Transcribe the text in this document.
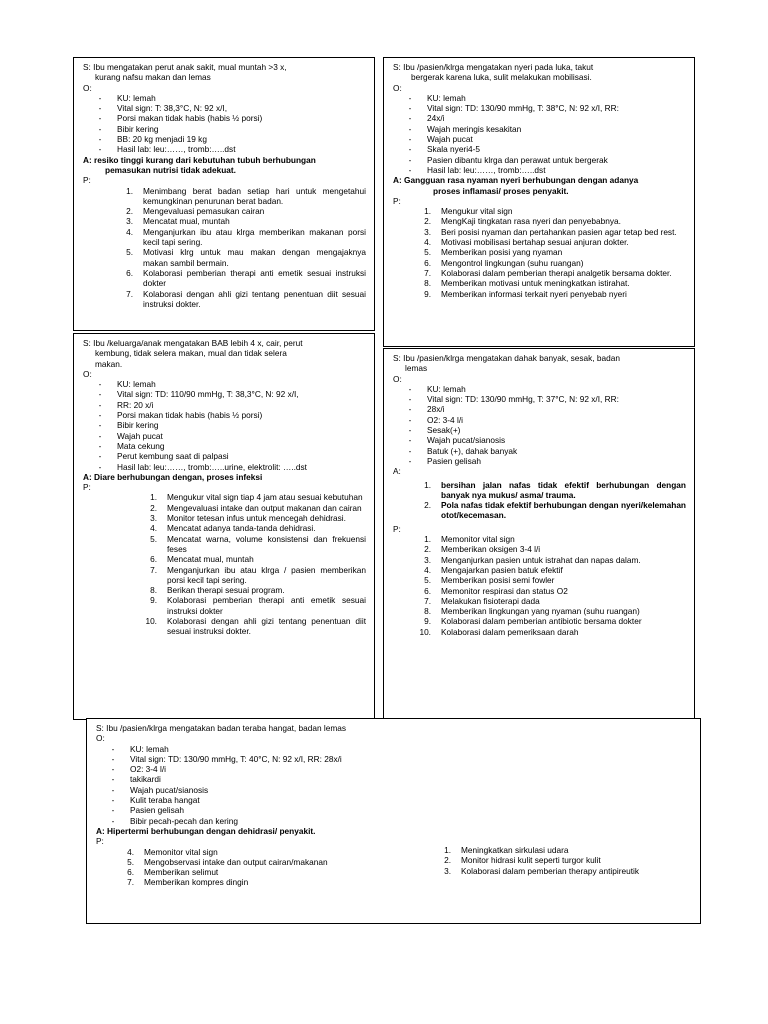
S: Ibu mengatakan perut anak sakit, mual muntah >3 x,
kurang nafsu makan dan lemas
O:
-	KU: lemah
-	Vital sign: T: 38,3°C, N: 92 x/I,
-	Porsi makan tidak habis (habis ½ porsi)
-	Bibir kering
-	BB: 20 kg menjadi 19 kg
-	Hasil lab: leu:……, tromb:…..dst
A: resiko tinggi kurang dari kebutuhan tubuh berhubungan
pemasukan nutrisi tidak adekuat.
P:
1.	Menimbang berat badan setiap hari untuk mengetahui kemungkinan penurunan berat badan.
2.	Mengevaluasi pemasukan cairan
3.	Mencatat mual, muntah
4.	Menganjurkan ibu atau klrga memberikan makanan porsi kecil tapi sering.
5.	Motivasi klrg untuk mau makan dengan mengajaknya makan sambil bermain.
6.	Kolaborasi pemberian therapi anti emetik sesuai instruksi dokter
7.	Kolaborasi dengan ahli gizi tentang penentuan diit sesuai instruksi dokter.
S: Ibu /pasien/klrga mengatakan nyeri pada luka, takut
bergerak karena luka, sulit melakukan mobilisasi.
O:
-	KU: lemah
-	Vital sign: TD: 130/90 mmHg, T: 38°C, N: 92 x/I, RR:
-	24x/i
-	Wajah meringis kesakitan
-	Wajah pucat
-	Skala nyeri4-5
-	Pasien dibantu klrga dan perawat untuk bergerak
-	Hasil lab: leu:……, tromb:…..dst
A: Gangguan rasa nyaman nyeri berhubungan dengan adanya
proses inflamasi/ proses penyakit.
P:
1.	Mengukur vital sign
2.	MengKaji tingkatan rasa nyeri dan penyebabnya.
3.	Beri posisi nyaman dan pertahankan pasien agar tetap bed rest.
4.	Motivasi mobilisasi bertahap sesuai anjuran dokter.
5.	Memberikan posisi yang nyaman
6.	Mengontrol lingkungan (suhu ruangan)
7.	Kolaborasi dalam pemberian therapi analgetik bersama dokter.
8.	Memberikan motivasi untuk meningkatkan istirahat.
9.	Memberikan informasi terkait nyeri penyebab nyeri
S: Ibu /keluarga/anak mengatakan BAB lebih 4 x, cair, perut
kembung, tidak selera makan, mual dan tidak selera
makan.
O:
-	KU: lemah
-	Vital sign: TD: 110/90 mmHg, T: 38,3°C, N: 92 x/I,
-	RR: 20 x/i
-	Porsi makan tidak habis (habis ½ porsi)
-	Bibir kering
-	Wajah pucat
-	Mata cekung
-	Perut kembung saat di palpasi
-	Hasil lab: leu:……, tromb:…..urine, elektrolit: …..dst
A: Diare berhubungan dengan, proses infeksi
P:
1.	Mengukur vital sign tiap 4 jam atau sesuai kebutuhan
2.	Mengevaluasi intake dan output makanan dan cairan
3.	Monitor tetesan infus untuk mencegah dehidrasi.
4.	Mencatat adanya tanda-tanda dehidrasi.
5.	Mencatat warna, volume konsistensi dan frekuensi feses
6.	Mencatat mual, muntah
7.	Menganjurkan ibu atau klrga / pasien memberikan porsi kecil tapi sering.
8.	Berikan therapi sesuai program.
9.	Kolaborasi pemberian therapi anti emetik sesuai instruksi dokter
10.	Kolaborasi dengan ahli gizi tentang penentuan diit sesuai instruksi dokter.
S: Ibu /pasien/klrga mengatakan dahak banyak, sesak, badan
lemas
O:
-	KU: lemah
-	Vital sign: TD: 130/90 mmHg, T: 37°C, N: 92 x/I, RR:
-	28x/i
-	O2: 3-4 l/i
-	Sesak(+)
-	Wajah pucat/sianosis
-	Batuk (+), dahak banyak
-	Pasien gelisah
A:
1.	bersihan jalan nafas tidak efektif berhubungan dengan banyak nya mukus/ asma/ trauma.
2.	Pola nafas tidak efektif berhubungan dengan nyeri/kelemahan otot/kecemasan.
P:
1.	Memonitor vital sign
2.	Memberikan oksigen 3-4 l/i
3.	Menganjurkan pasien untuk istrahat dan napas dalam.
4.	Mengajarkan pasien batuk efektif
5.	Memberikan posisi semi fowler
6.	Memonitor respirasi dan status O2
7.	Melakukan fisioterapi dada
8.	Memberikan lingkungan yang nyaman (suhu ruangan)
9.	Kolaborasi dalam pemberian antibiotic bersama dokter
10.	Kolaborasi dalam pemeriksaan darah
S: Ibu /pasien/klrga mengatakan badan teraba hangat, badan lemas
O:
-	KU: lemah
-	Vital sign: TD: 130/90 mmHg, T: 40°C, N: 92 x/I, RR: 28x/i
-	O2: 3-4 l/i
-	takikardi
-	Wajah pucat/sianosis
-	Kulit teraba hangat
-	Pasien gelisah
-	Bibir pecah-pecah dan kering
A: Hipertermi berhubungan dengan dehidrasi/ penyakit.
P:
4.	Memonitor vital sign
5.	Mengobservasi intake dan output cairan/makanan
6.	Memberikan selimut
7.	Memberikan kompres dingin
1.	Meningkatkan sirkulasi udara
2.	Monitor hidrasi kulit seperti turgor kulit
3.	Kolaborasi dalam pemberian therapy antipireutik
